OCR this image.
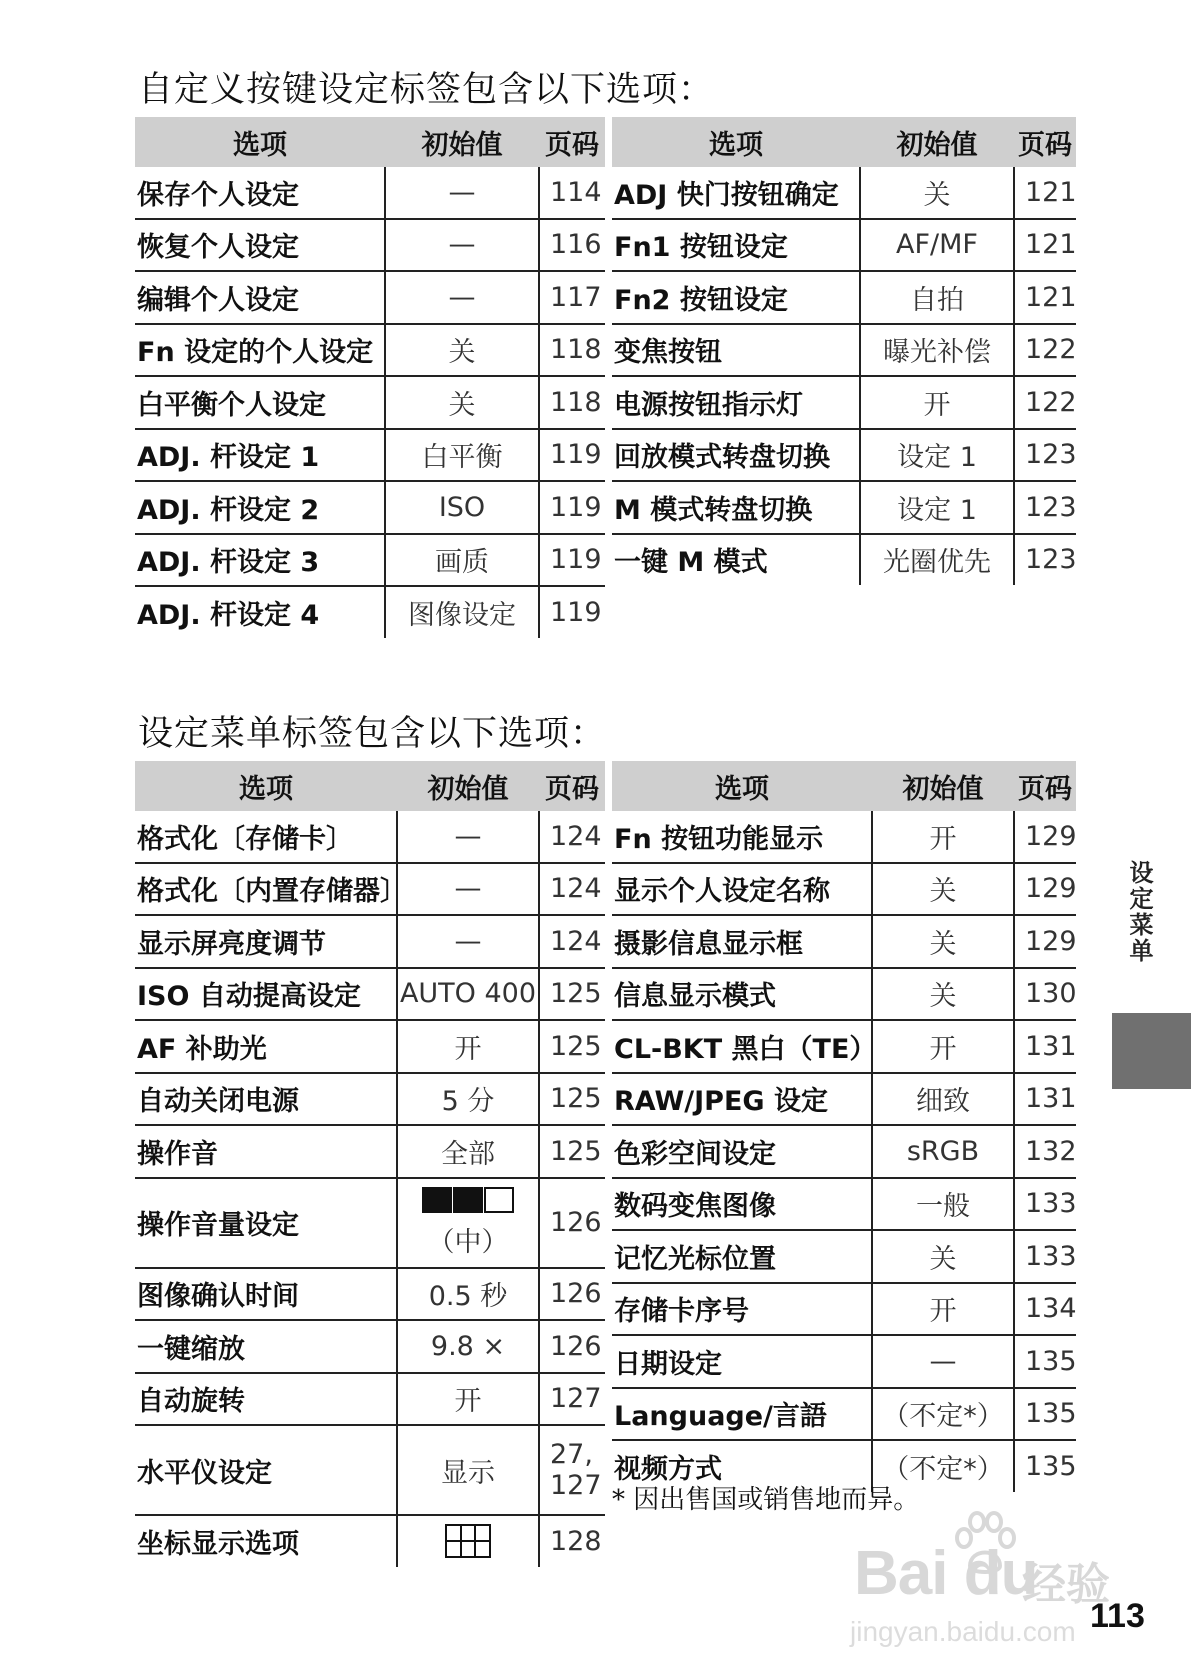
自定义按键设定标签包含以下选项：
选项	初始值	页码
保存个人设定	—	114
恢复个人设定	—	116
编辑个人设定	—	117
Fn 设定的个人设定	关	118
白平衡个人设定	关	118
ADJ. 杆设定 1	白平衡	119
ADJ. 杆设定 2	ISO	119
ADJ. 杆设定 3	画质	119
ADJ. 杆设定 4	图像设定	119
选项	初始值	页码
ADJ 快门按钮确定	关	121
Fn1 按钮设定	AF/MF	121
Fn2 按钮设定	自拍	121
变焦按钮	曝光补偿	122
电源按钮指示灯	开	122
回放模式转盘切换	设定 1	123
M 模式转盘切换	设定 1	123
一键 M 模式	光圈优先	123
设定菜单标签包含以下选项：
选项	初始值	页码
格式化〔存储卡〕	—	124
格式化〔内置存储器〕	—	124
显示屏亮度调节	—	124
ISO 自动提高设定	AUTO 400	125
AF 补助光	开	125
自动关闭电源	5 分	125
操作音	全部	125
操作音量设定	（中）	126
图像确认时间	0.5 秒	126
一键缩放	9.8 ×	126
自动旋转	开	127
水平仪设定	显示	27,
127
坐标显示选项		128
选项	初始值	页码
Fn 按钮功能显示	开	129
显示个人设定名称	关	129
摄影信息显示框	关	129
信息显示模式	关	130
CL-BKT 黑白（TE）	开	131
RAW/JPEG 设定	细致	131
色彩空间设定	sRGB	132
数码变焦图像	一般	133
记忆光标位置	关	133
存储卡序号	开	134
日期设定	—	135
Language/言語	（不定*）	135
视频方式	（不定*）	135
* 因出售国或销售地而异。
设定菜单
Bai du
经验
jingyan.baidu.com 113
